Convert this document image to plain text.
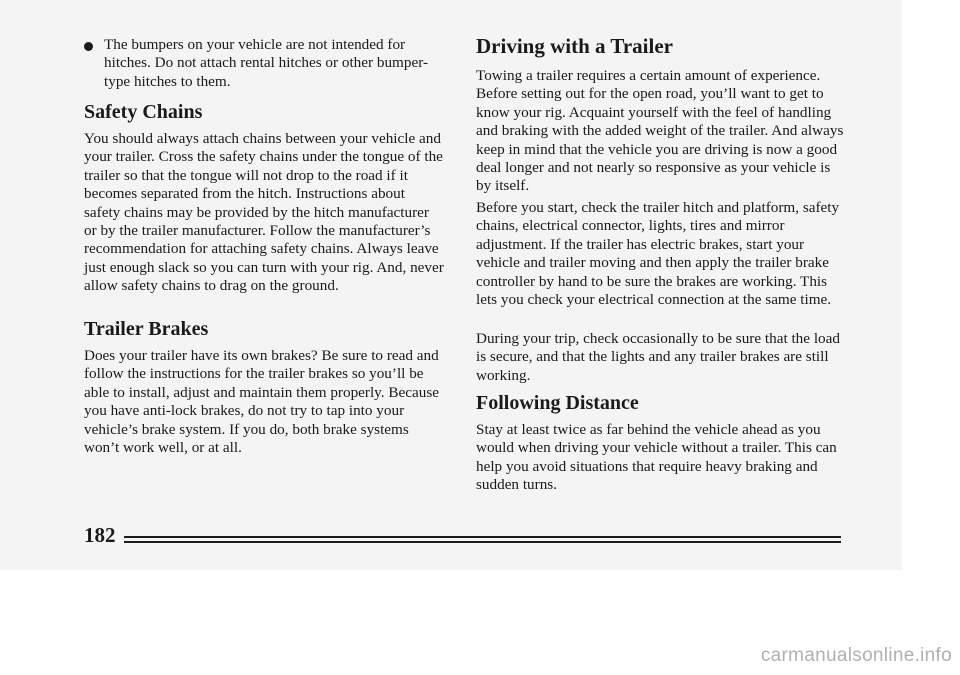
The bumpers on your vehicle are not intended for hitches. Do not attach rental hitches or other bumper-type hitches to them.

Safety Chains

You should always attach chains between your vehicle and your trailer. Cross the safety chains under the tongue of the trailer so that the tongue will not drop to the road if it becomes separated from the hitch. Instructions about safety chains may be provided by the hitch manufacturer or by the trailer manufacturer. Follow the manufacturer’s recommendation for attaching safety chains. Always leave just enough slack so you can turn with your rig. And, never allow safety chains to drag on the ground.

Trailer Brakes

Does your trailer have its own brakes? Be sure to read and follow the instructions for the trailer brakes so you’ll be able to install, adjust and maintain them properly. Because you have anti-lock brakes, do not try to tap into your vehicle’s brake system. If you do, both brake systems won’t work well, or at all.

Driving with a Trailer

Towing a trailer requires a certain amount of experience. Before setting out for the open road, you’ll want to get to know your rig. Acquaint yourself with the feel of handling and braking with the added weight of the trailer. And always keep in mind that the vehicle you are driving is now a good deal longer and not nearly so responsive as your vehicle is by itself.

Before you start, check the trailer hitch and platform, safety chains, electrical connector, lights, tires and mirror adjustment. If the trailer has electric brakes, start your vehicle and trailer moving and then apply the trailer brake controller by hand to be sure the brakes are working. This lets you check your electrical connection at the same time.

During your trip, check occasionally to be sure that the load is secure, and that the lights and any trailer brakes are still working.

Following Distance

Stay at least twice as far behind the vehicle ahead as you would when driving your vehicle without a trailer. This can help you avoid situations that require heavy braking and sudden turns.

182
carmanualsonline.info
